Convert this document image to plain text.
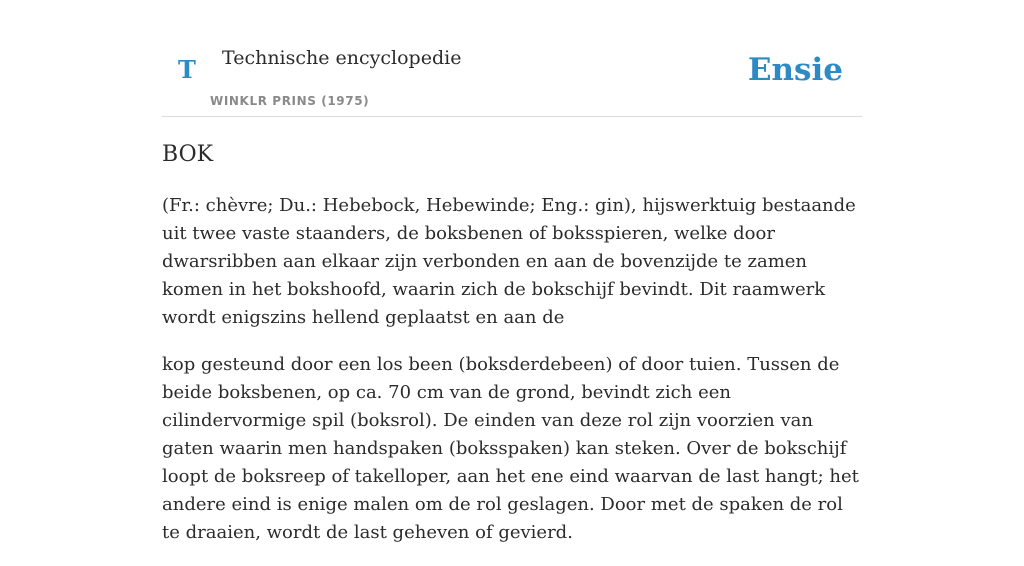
T Technische encyclopedie
WINKLR PRINS (1975)
Ensie
BOK

(Fr.: chèvre; Du.: Hebebock, Hebewinde; Eng.: gin), hijswerktuig bestaande uit twee vaste staanders, de boksbenen of boksspieren, welke door dwarsribben aan elkaar zijn verbonden en aan de bovenzijde te zamen komen in het bokshoofd, waarin zich de bokschijf bevindt. Dit raamwerk wordt enigszins hellend geplaatst en aan de

kop gesteund door een los been (boksderdebeen) of door tuien. Tussen de beide boksbenen, op ca. 70 cm van de grond, bevindt zich een cilindervormige spil (boksrol). De einden van deze rol zijn voorzien van gaten waarin men handspaken (boksspaken) kan steken. Over de bokschijf loopt de boksreep of takelloper, aan het ene eind waarvan de last hangt; het andere eind is enige malen om de rol geslagen. Door met de spaken de rol te draaien, wordt de last geheven of gevierd.
